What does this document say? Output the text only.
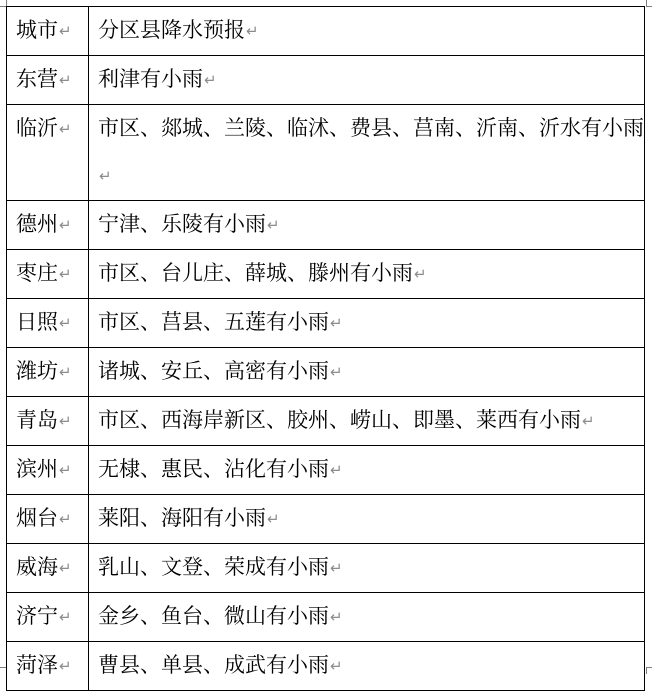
城市↵	分区县降水预报↵
东营↵	利津有小雨↵
临沂↵	市区、郯城、兰陵、临沭、费县、莒南、沂南、沂水有小雨↵
德州↵	宁津、乐陵有小雨↵
枣庄↵	市区、台儿庄、薛城、滕州有小雨↵
日照↵	市区、莒县、五莲有小雨↵
潍坊↵	诸城、安丘、高密有小雨↵
青岛↵	市区、西海岸新区、胶州、崂山、即墨、莱西有小雨↵
滨州↵	无棣、惠民、沾化有小雨↵
烟台↵	莱阳、海阳有小雨↵
威海↵	乳山、文登、荣成有小雨↵
济宁↵	金乡、鱼台、微山有小雨↵
菏泽↵	曹县、单县、成武有小雨↵
